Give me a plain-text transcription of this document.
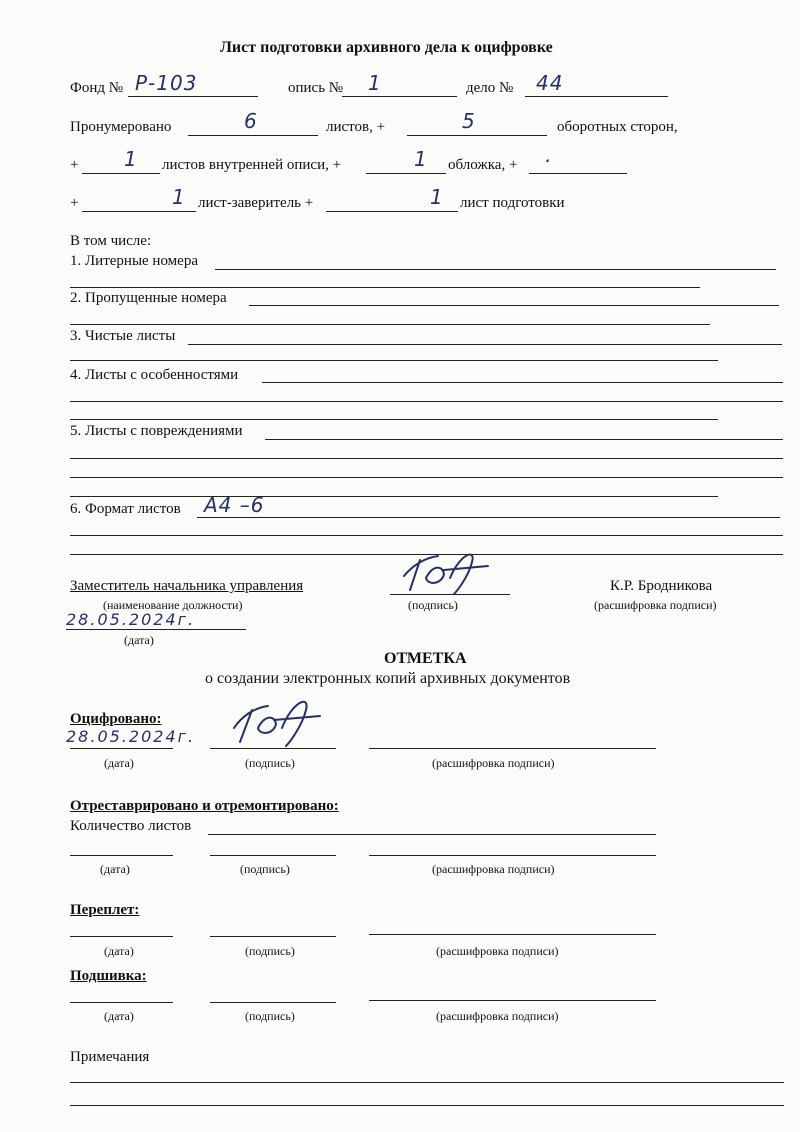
Лист подготовки архивного дела к оцифровке
Фонд № Р-103	опись № 1	дело № 44
Пронумеровано	6	листов, +	5	оборотных сторон,
+ 1 листов внутренней описи, +	1 обложка, + ·
+	1 лист-заверитель +	1 лист подготовки
В том числе:
1. Литерные номера
2. Пропущенные номера
3. Чистые листы
4. Листы с особенностями
5. Листы с повреждениями
6. Формат листов А4 –6
Заместитель начальника управления
(наименование должности)	(подпись)
К.Р. Бродникова
(расшифровка подписи)
28.05.2024г.
(дата)
ОТМЕТКА
о создании электронных копий архивных документов
Оцифровано:
28.05.2024г.
(дата)	(подпись)	(расшифровка подписи)
Отреставрировано и отремонтировано:
Количество листов
(дата)	(подпись)	(расшифровка подписи)
Переплет:
(дата)	(подпись)	(расшифровка подписи)
Подшивка:
(дата)	(подпись)	(расшифровка подписи)
Примечания
